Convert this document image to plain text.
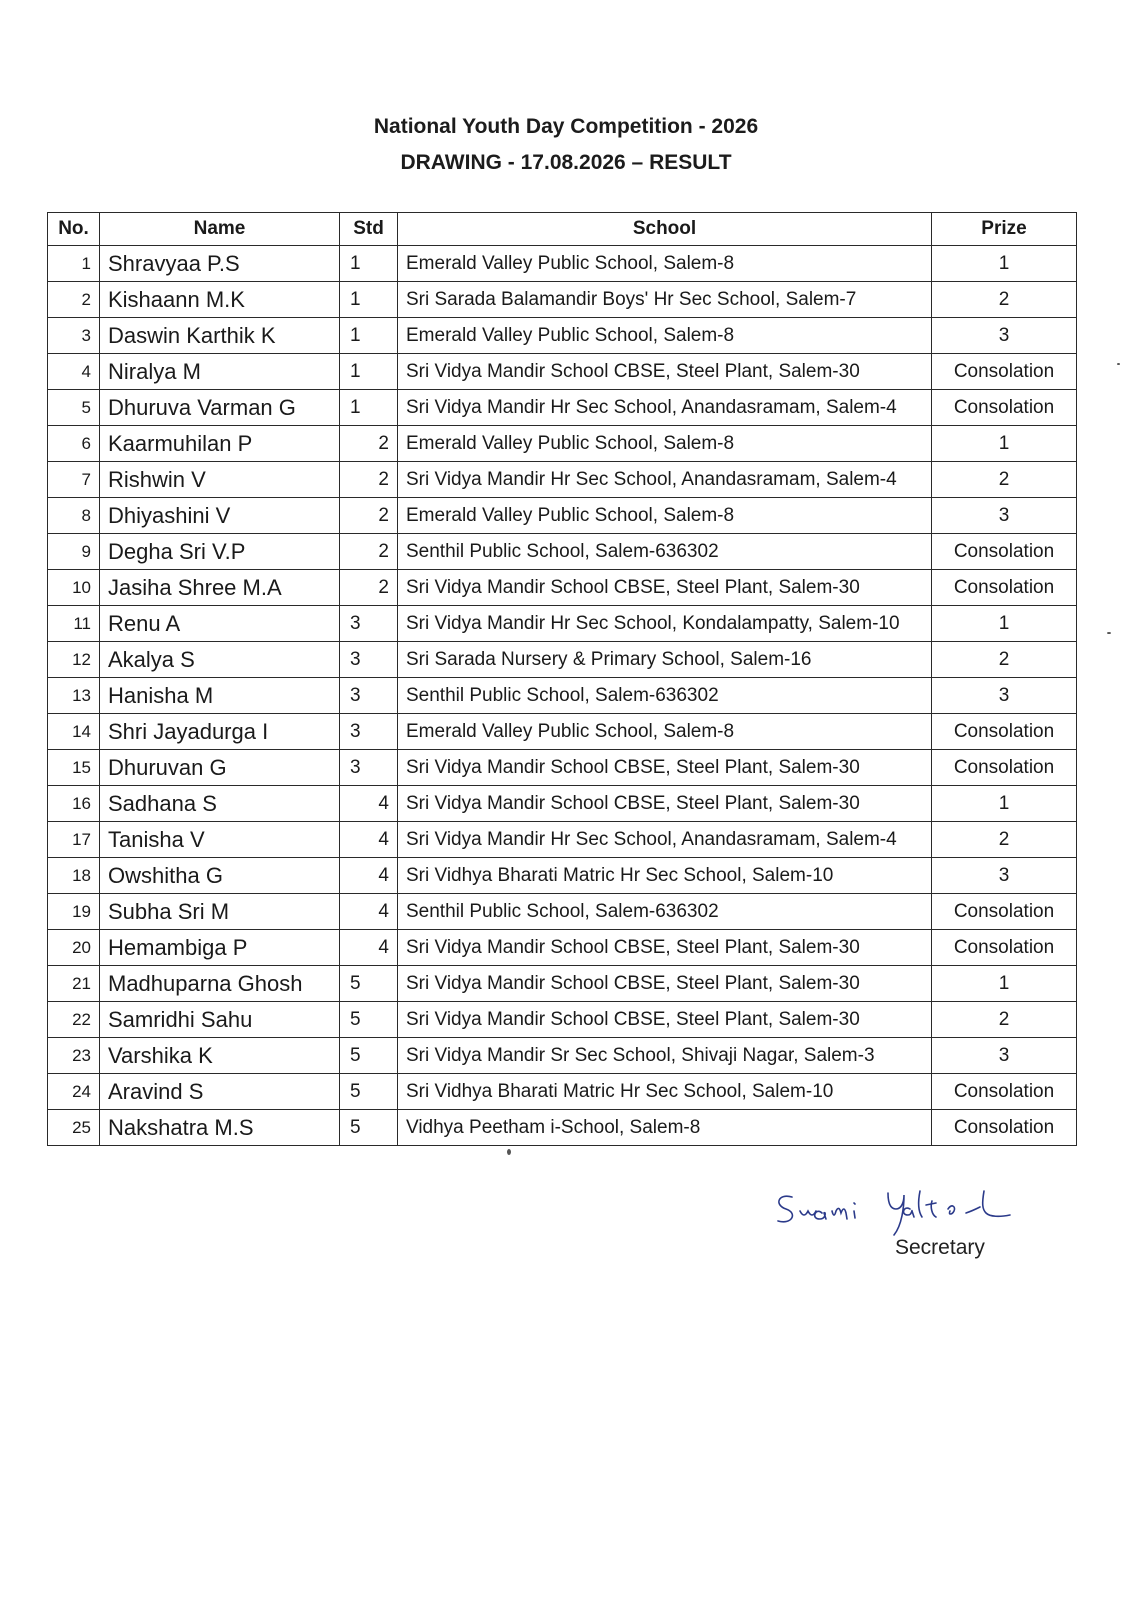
National Youth Day Competition - 2026
DRAWING - 17.08.2026 – RESULT
No.	Name	Std	School	Prize
1	Shravyaa P.S	1	Emerald Valley Public School, Salem-8	1
2	Kishaann M.K	1	Sri Sarada Balamandir Boys' Hr Sec School, Salem-7	2
3	Daswin Karthik K	1	Emerald Valley Public School, Salem-8	3
4	Niralya M	1	Sri Vidya Mandir School CBSE, Steel Plant, Salem-30	Consolation
5	Dhuruva Varman G	1	Sri Vidya Mandir Hr Sec School, Anandasramam, Salem-4	Consolation
6	Kaarmuhilan P	2	Emerald Valley Public School, Salem-8	1
7	Rishwin V	2	Sri Vidya Mandir Hr Sec School, Anandasramam, Salem-4	2
8	Dhiyashini V	2	Emerald Valley Public School, Salem-8	3
9	Degha Sri V.P	2	Senthil Public School, Salem-636302	Consolation
10	Jasiha Shree M.A	2	Sri Vidya Mandir School CBSE, Steel Plant, Salem-30	Consolation
11	Renu A	3	Sri Vidya Mandir Hr Sec School, Kondalampatty, Salem-10	1
12	Akalya S	3	Sri Sarada Nursery & Primary School, Salem-16	2
13	Hanisha M	3	Senthil Public School, Salem-636302	3
14	Shri Jayadurga I	3	Emerald Valley Public School, Salem-8	Consolation
15	Dhuruvan G	3	Sri Vidya Mandir School CBSE, Steel Plant, Salem-30	Consolation
16	Sadhana S	4	Sri Vidya Mandir School CBSE, Steel Plant, Salem-30	1
17	Tanisha V	4	Sri Vidya Mandir Hr Sec School, Anandasramam, Salem-4	2
18	Owshitha G	4	Sri Vidhya Bharati Matric Hr Sec School, Salem-10	3
19	Subha Sri M	4	Senthil Public School, Salem-636302	Consolation
20	Hemambiga P	4	Sri Vidya Mandir School CBSE, Steel Plant, Salem-30	Consolation
21	Madhuparna Ghosh	5	Sri Vidya Mandir School CBSE, Steel Plant, Salem-30	1
22	Samridhi Sahu	5	Sri Vidya Mandir School CBSE, Steel Plant, Salem-30	2
23	Varshika K	5	Sri Vidya Mandir Sr Sec School, Shivaji Nagar, Salem-3	3
24	Aravind S	5	Sri Vidhya Bharati Matric Hr Sec School, Salem-10	Consolation
25	Nakshatra M.S	5	Vidhya Peetham i-School, Salem-8	Consolation
Secretary
